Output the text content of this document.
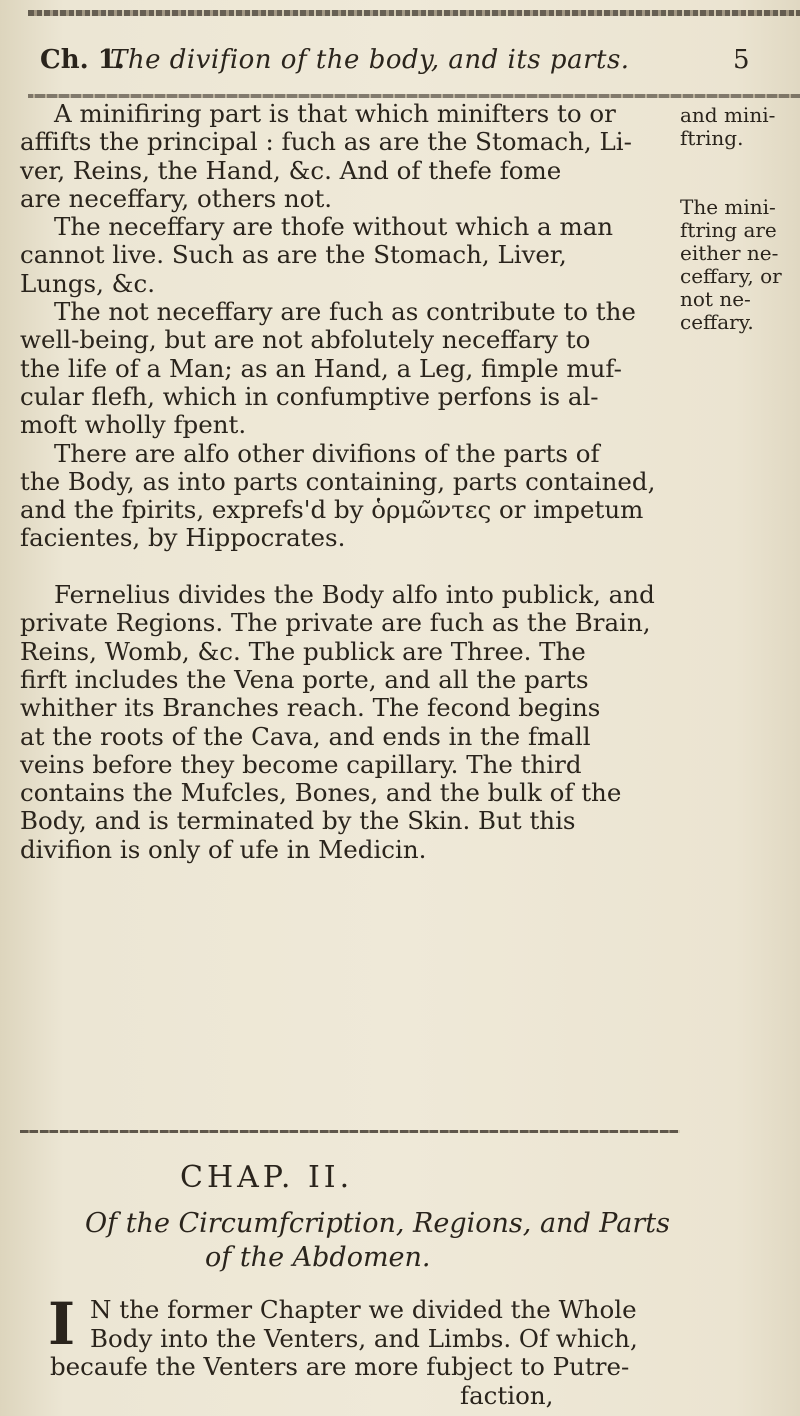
Ch. 1.
The divifion of the body, and its parts.	5
A minifiring part is that which minifters to or
affifts the principal : fuch as are the Stomach, Li-
ver, Reins, the Hand, &c. And of thefe fome
are neceffary, others not.
The neceffary are thofe without which a man
cannot live. Such as are the Stomach, Liver,
Lungs, &c.
The not neceffary are fuch as contribute to the
well-being, but are not abfolutely neceffary to
the life of a Man; as an Hand, a Leg, fimple muf-
cular flefh, which in confumptive perfons is al-
moft wholly fpent.
There are alfo other divifions of the parts of
the Body, as into parts containing, parts contained,
and the fpirits, exprefs'd by ὁρμῶντες or impetum
facientes, by Hippocrates.
Fernelius divides the Body alfo into publick, and
private Regions. The private are fuch as the Brain,
Reins, Womb, &c. The publick are Three. The
firft includes the Vena porte, and all the parts
whither its Branches reach. The fecond begins
at the roots of the Cava, and ends in the fmall
veins before they become capillary. The third
contains the Mufcles, Bones, and the bulk of the
Body, and is terminated by the Skin. But this
divifion is only of ufe in Medicin.
and mini-
ftring.
The mini-
ftring are
either ne-
ceffary, or
not ne-
ceffary.
CHAP. II.
Of the Circumfcription, Regions, and Parts
of the Abdomen.
I N the former Chapter we divided the Whole
Body into the Venters, and Limbs. Of which,
becaufe the Venters are more fubject to Putre-
faction,
